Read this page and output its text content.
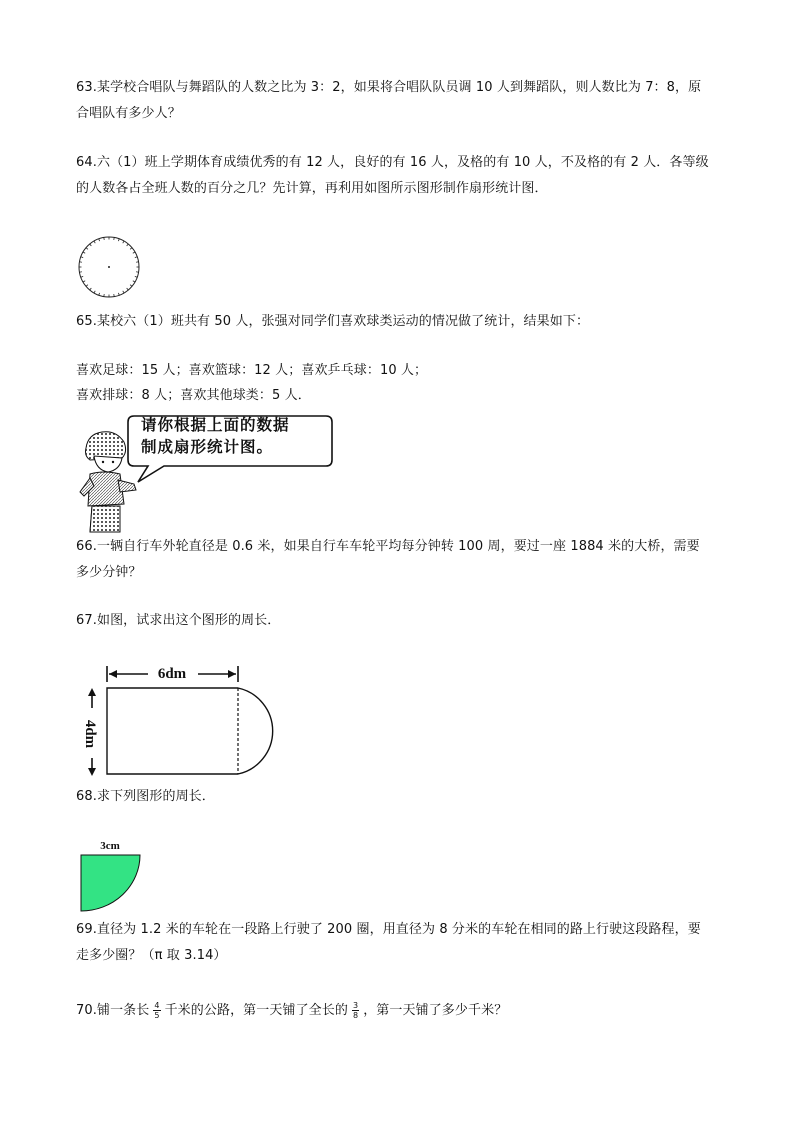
63.某学校合唱队与舞蹈队的人数之比为 3：2，如果将合唱队队员调 10 人到舞蹈队，则人数比为 7：8，原

合唱队有多少人？

64.六（1）班上学期体育成绩优秀的有 12 人，良好的有 16 人，及格的有 10 人，不及格的有 2 人．各等级

的人数各占全班人数的百分之几？先计算，再利用如图所示图形制作扇形统计图．

65.某校六（1）班共有 50 人，张强对同学们喜欢球类运动的情况做了统计，结果如下：

喜欢足球：15 人；喜欢篮球：12 人；喜欢乒乓球：10 人；

喜欢排球：8 人；喜欢其他球类：5 人．

请你根据上面的数据
制成扇形统计图。

66.一辆自行车外轮直径是 0.6 米，如果自行车车轮平均每分钟转 100 周，要过一座 1884 米的大桥，需要

多少分钟？

67.如图，试求出这个图形的周长．

6dm
4dm

68.求下列图形的周长．

3cm

69.直径为 1.2 米的车轮在一段路上行驶了 200 圈，用直径为 8 分米的车轮在相同的路上行驶这段路程，要

走多少圈？（π 取 3.14）

70.铺一条长 $\frac{4}{5}$ 千米的公路，第一天铺了全长的 $\frac{3}{8}$ ，第一天铺了多少千米？
